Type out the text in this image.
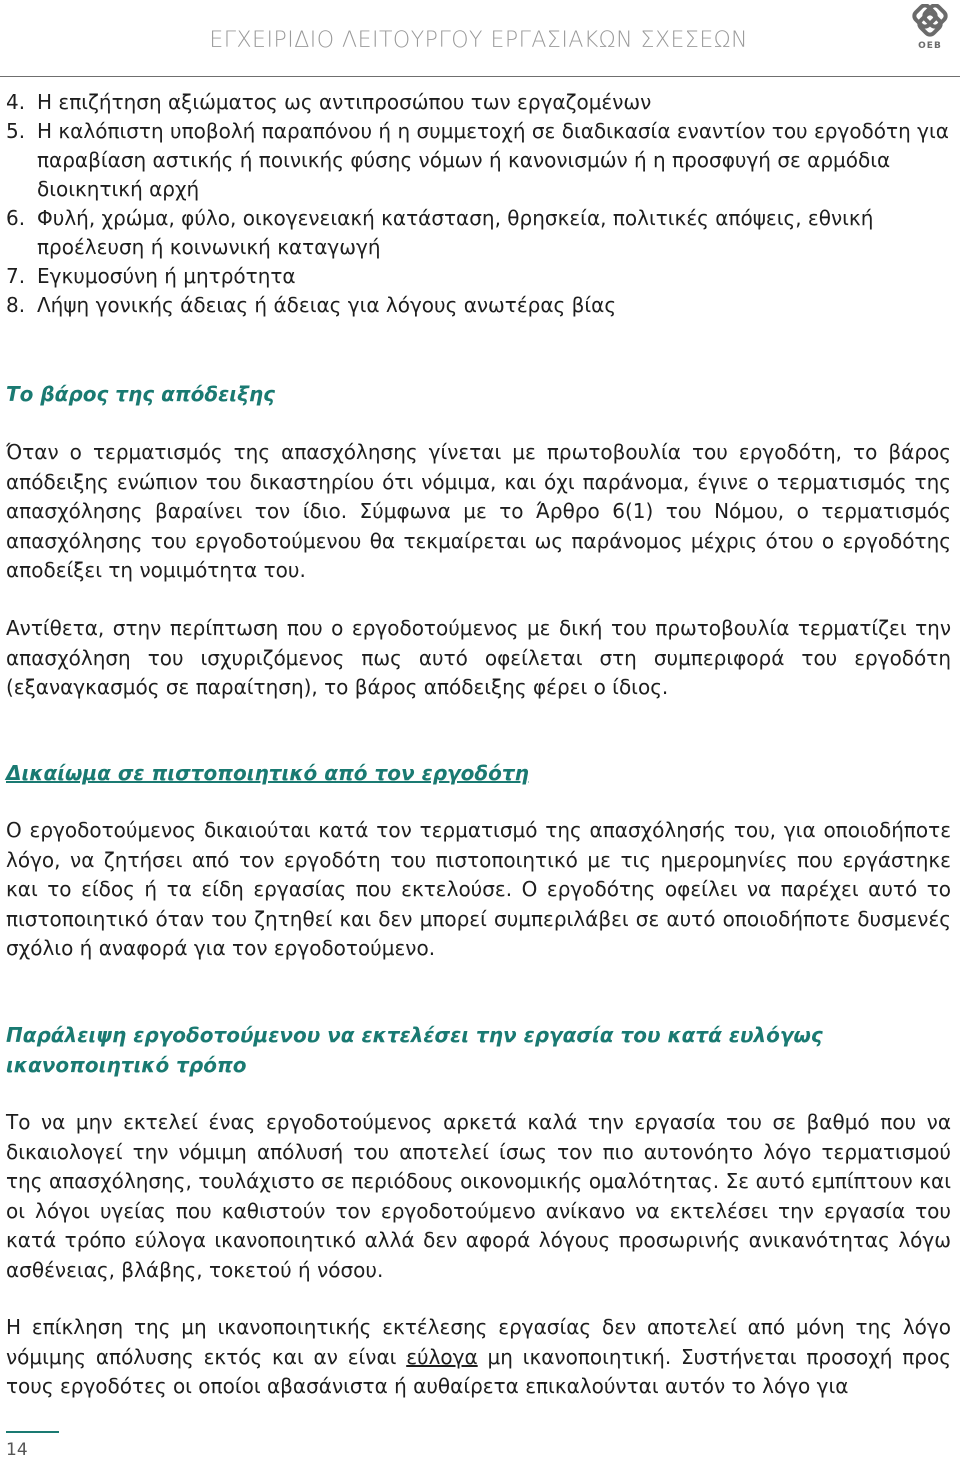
ΕΓΧΕΙΡΙΔΙΟ ΛΕΙΤΟΥΡΓΟΥ ΕΡΓΑΣΙΑΚΩΝ ΣΧΕΣΕΩΝ	ΟΕΒ
4. Η επιζήτηση αξιώματος ως αντιπροσώπου των εργαζομένων
5. Η καλόπιστη υποβολή παραπόνου ή η συμμετοχή σε διαδικασία εναντίον του εργοδότη για παραβίαση αστικής ή ποινικής φύσης νόμων ή κανονισμών ή η προσφυγή σε αρμόδια διοικητική αρχή
6. Φυλή, χρώμα, φύλο, οικογενειακή κατάσταση, θρησκεία, πολιτικές απόψεις, εθνική προέλευση ή κοινωνική καταγωγή
7. Εγκυμοσύνη ή μητρότητα
8. Λήψη γονικής άδειας ή άδειας για λόγους ανωτέρας βίας
Το βάρος της απόδειξης

Όταν ο τερματισμός της απασχόλησης γίνεται με πρωτοβουλία του εργοδότη, το βάρος απόδειξης ενώπιον του δικαστηρίου ότι νόμιμα, και όχι παράνομα, έγινε ο τερματισμός της απασχόλησης βαραίνει τον ίδιο. Σύμφωνα με το Άρθρο 6(1) του Νόμου, ο τερματισμός απασχόλησης του εργοδοτούμενου θα τεκμαίρεται ως παράνομος μέχρις ότου ο εργοδότης αποδείξει τη νομιμότητα του.

Αντίθετα, στην περίπτωση που ο εργοδοτούμενος με δική του πρωτοβουλία τερματίζει την απασχόληση του ισχυριζόμενος πως αυτό οφείλεται στη συμπεριφορά του εργοδότη (εξαναγκασμός σε παραίτηση), το βάρος απόδειξης φέρει ο ίδιος.

Δικαίωμα σε πιστοποιητικό από τον εργοδότη

Ο εργοδοτούμενος δικαιούται κατά τον τερματισμό της απασχόλησής του, για οποιοδήποτε λόγο, να ζητήσει από τον εργοδότη του πιστοποιητικό με τις ημερομηνίες που εργάστηκε και το είδος ή τα είδη εργασίας που εκτελούσε. Ο εργοδότης οφείλει να παρέχει αυτό το πιστοποιητικό όταν του ζητηθεί και δεν μπορεί συμπεριλάβει σε αυτό οποιοδήποτε δυσμενές σχόλιο ή αναφορά για τον εργοδοτούμενο.

Παράλειψη εργοδοτούμενου να εκτελέσει την εργασία του κατά ευλόγως ικανοποιητικό τρόπο

Το να μην εκτελεί ένας εργοδοτούμενος αρκετά καλά την εργασία του σε βαθμό που να δικαιολογεί την νόμιμη απόλυσή του αποτελεί ίσως τον πιο αυτονόητο λόγο τερματισμού της απασχόλησης, τουλάχιστο σε περιόδους οικονομικής ομαλότητας. Σε αυτό εμπίπτουν και οι λόγοι υγείας που καθιστούν τον εργοδοτούμενο ανίκανο να εκτελέσει την εργασία του κατά τρόπο εύλογα ικανοποιητικό αλλά δεν αφορά λόγους προσωρινής ανικανότητας λόγω ασθένειας, βλάβης, τοκετού ή νόσου.

Η επίκληση της μη ικανοποιητικής εκτέλεσης εργασίας δεν αποτελεί από μόνη της λόγο νόμιμης απόλυσης εκτός και αν είναι εύλογα μη ικανοποιητική. Συστήνεται προσοχή προς τους εργοδότες οι οποίοι αβασάνιστα ή αυθαίρετα επικαλούνται αυτόν το λόγο για

14
